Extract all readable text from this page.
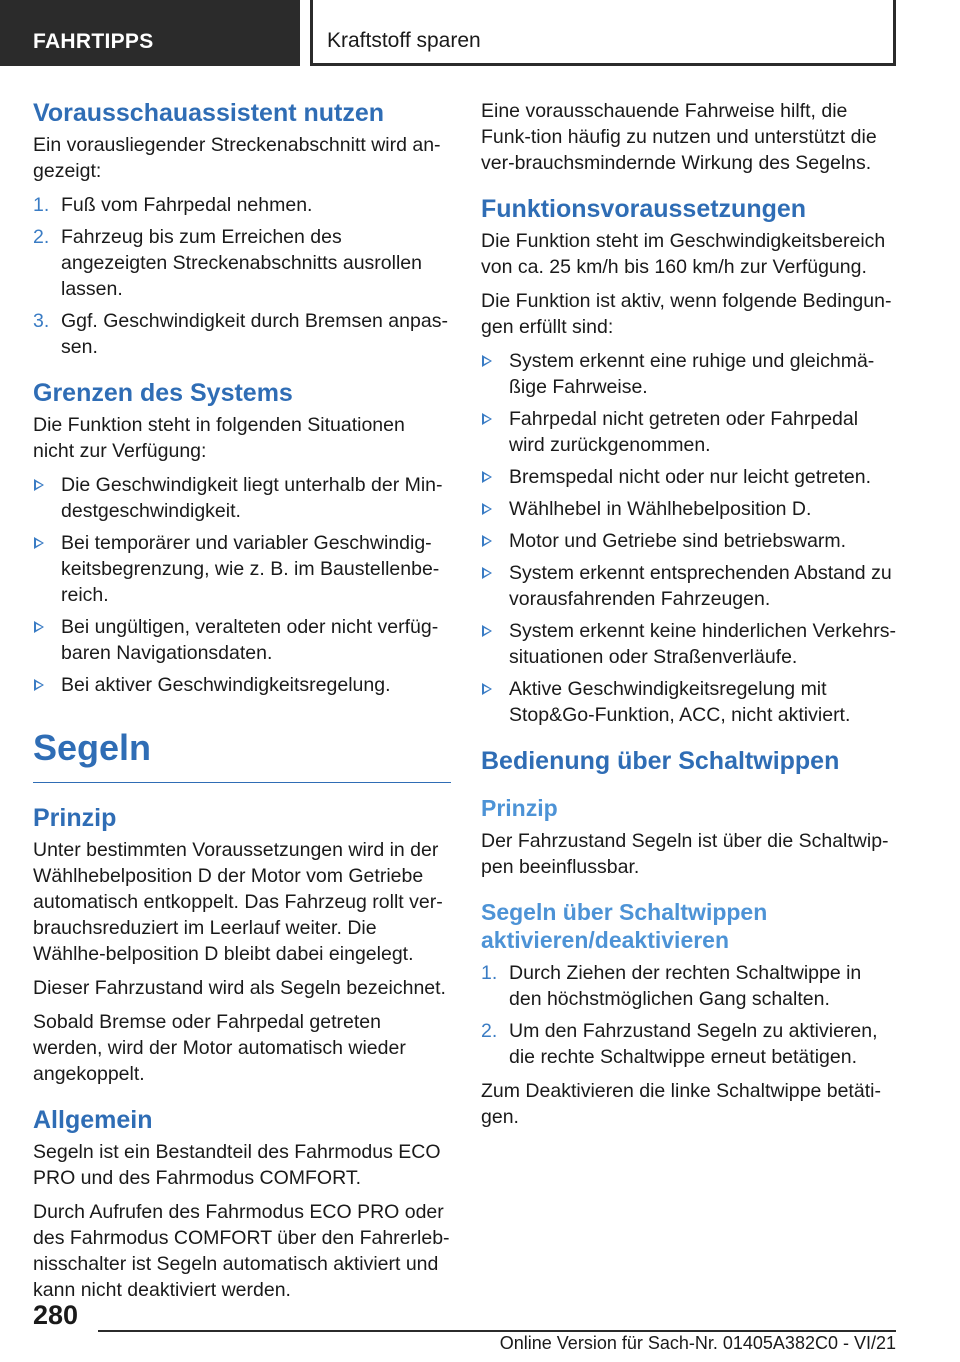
FAHRTIPPS	Kraftstoff sparen
Vorausschauassistent nutzen

Ein vorausliegender Streckenabschnitt wird an-gezeigt:

1. Fuß vom Fahrpedal nehmen.
2. Fahrzeug bis zum Erreichen des angezeigten Streckenabschnitts ausrollen lassen.
3. Ggf. Geschwindigkeit durch Bremsen anpas-sen.
Grenzen des Systems

Die Funktion steht in folgenden Situationen nicht zur Verfügung:

Die Geschwindigkeit liegt unterhalb der Min-destgeschwindigkeit.
Bei temporärer und variabler Geschwindig-keitsbegrenzung, wie z. B. im Baustellenbe-reich.
Bei ungültigen, veralteten oder nicht verfüg-baren Navigationsdaten.
Bei aktiver Geschwindigkeitsregelung.
Segeln
Prinzip

Unter bestimmten Voraussetzungen wird in der Wählhebelposition D der Motor vom Getriebe automatisch entkoppelt. Das Fahrzeug rollt ver-brauchsreduziert im Leerlauf weiter. Die Wählhe-belposition D bleibt dabei eingelegt.

Dieser Fahrzustand wird als Segeln bezeichnet.

Sobald Bremse oder Fahrpedal getreten werden, wird der Motor automatisch wieder angekoppelt.

Allgemein

Segeln ist ein Bestandteil des Fahrmodus ECO PRO und des Fahrmodus COMFORT.

Durch Aufrufen des Fahrmodus ECO PRO oder des Fahrmodus COMFORT über den Fahrerleb-nisschalter ist Segeln automatisch aktiviert und kann nicht deaktiviert werden.

Eine vorausschauende Fahrweise hilft, die Funk-tion häufig zu nutzen und unterstützt die ver-brauchsmindernde Wirkung des Segelns.

Funktionsvoraussetzungen

Die Funktion steht im Geschwindigkeitsbereich von ca. 25 km/h bis 160 km/h zur Verfügung.

Die Funktion ist aktiv, wenn folgende Bedingun-gen erfüllt sind:

System erkennt eine ruhige und gleichmä-ßige Fahrweise.
Fahrpedal nicht getreten oder Fahrpedal wird zurückgenommen.
Bremspedal nicht oder nur leicht getreten.
Wählhebel in Wählhebelposition D.
Motor und Getriebe sind betriebswarm.
System erkennt entsprechenden Abstand zu vorausfahrenden Fahrzeugen.
System erkennt keine hinderlichen Verkehrs-situationen oder Straßenverläufe.
Aktive Geschwindigkeitsregelung mit Stop&Go-Funktion, ACC, nicht aktiviert.
Bedienung über Schaltwippen
Prinzip

Der Fahrzustand Segeln ist über die Schaltwip-pen beeinflussbar.

Segeln über Schaltwippen aktivieren/deaktivieren
1. Durch Ziehen der rechten Schaltwippe in den höchstmöglichen Gang schalten.
2. Um den Fahrzustand Segeln zu aktivieren, die rechte Schaltwippe erneut betätigen.

Zum Deaktivieren die linke Schaltwippe betäti-gen.

280
Online Version für Sach-Nr. 01405A382C0 - VI/21
